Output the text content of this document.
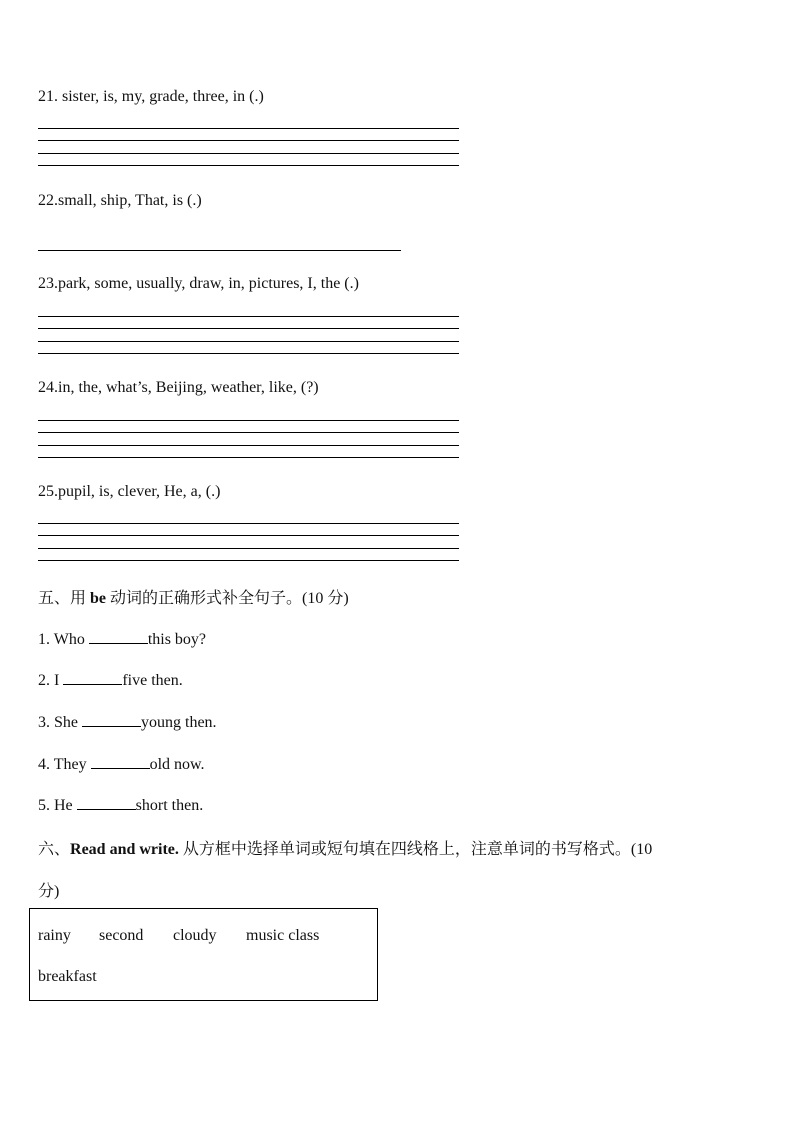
21. sister, is, my, grade, three, in (.)
22.small, ship, That, is (.)
23.park, some, usually, draw, in, pictures, I, the (.)
24.in, the, what’s, Beijing, weather, like, (?)
25.pupil, is, clever, He, a, (.)
五、用 be 动词的正确形式补全句子。(10 分)
1. Who	this boy?
2. I	five then.
3. She	young then.
4. They	old now.
5. He	short then.
六、Read and write. 从方框中选择单词或短句填在四线格上，注意单词的书写格式。(10
分)
rainy second cloudy music class
breakfast
